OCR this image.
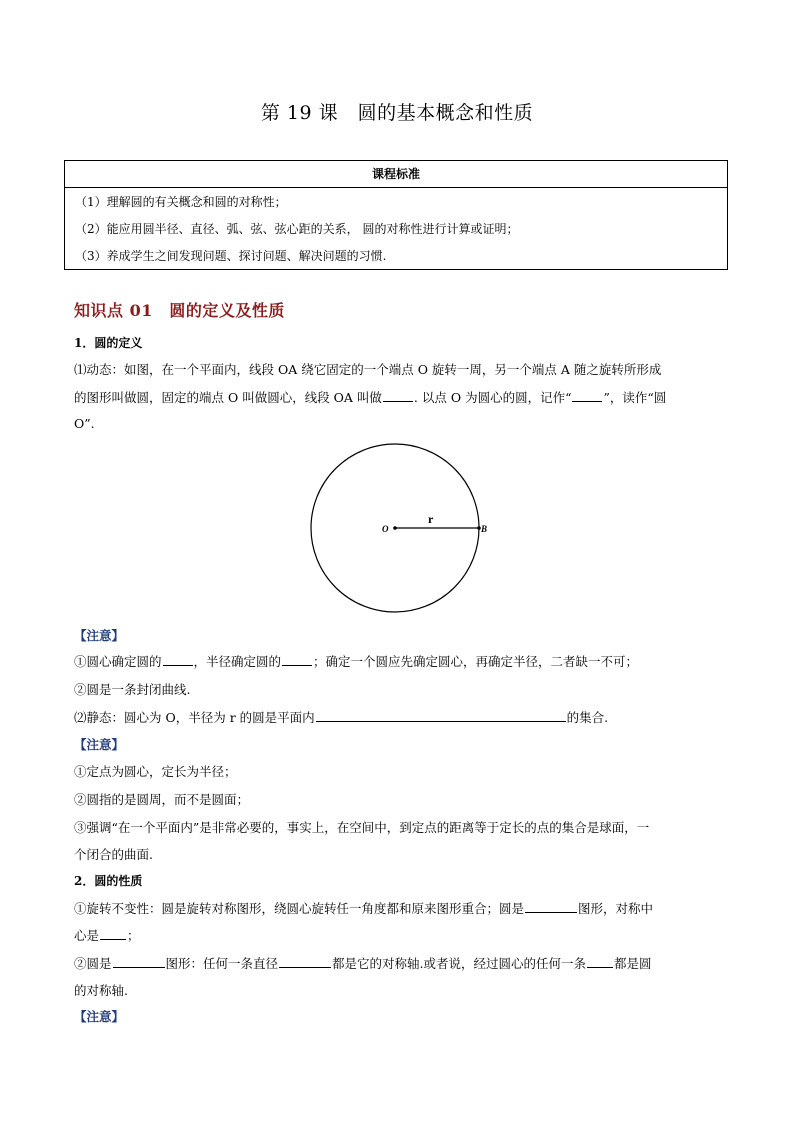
第 19 课　圆的基本概念和性质
课程标准
（1）理解圆的有关概念和圆的对称性；
（2）能应用圆半径、直径、弧、弦、弦心距的关系， 圆的对称性进行计算或证明；
（3）养成学生之间发现问题、探讨问题、解决问题的习惯.
知识点 01　圆的定义及性质
1．圆的定义
⑴动态：如图，在一个平面内，线段 OA 绕它固定的一个端点 O 旋转一周，另一个端点 A 随之旋转所形成
的图形叫做圆，固定的端点 O 叫做圆心，线段 OA 叫做	. 以点 O 为圆心的圆，记作“	”，读作“圆
O”.
O	B
r
【注意】
①圆心确定圆的	，半径确定圆的	；确定一个圆应先确定圆心，再确定半径，二者缺一不可；
②圆是一条封闭曲线.
⑵静态：圆心为 O，半径为 r 的圆是平面内	的集合.
【注意】
①定点为圆心，定长为半径；
②圆指的是圆周，而不是圆面；
③强调“在一个平面内”是非常必要的，事实上，在空间中，到定点的距离等于定长的点的集合是球面，一
个闭合的曲面.
2．圆的性质
①旋转不变性：圆是旋转对称图形，绕圆心旋转任一角度都和原来图形重合；圆是	图形，对称中
心是 ；
②圆是	图形：任何一条直径	都是它的对称轴.或者说，经过圆心的任何一条 都是圆
的对称轴.
【注意】
